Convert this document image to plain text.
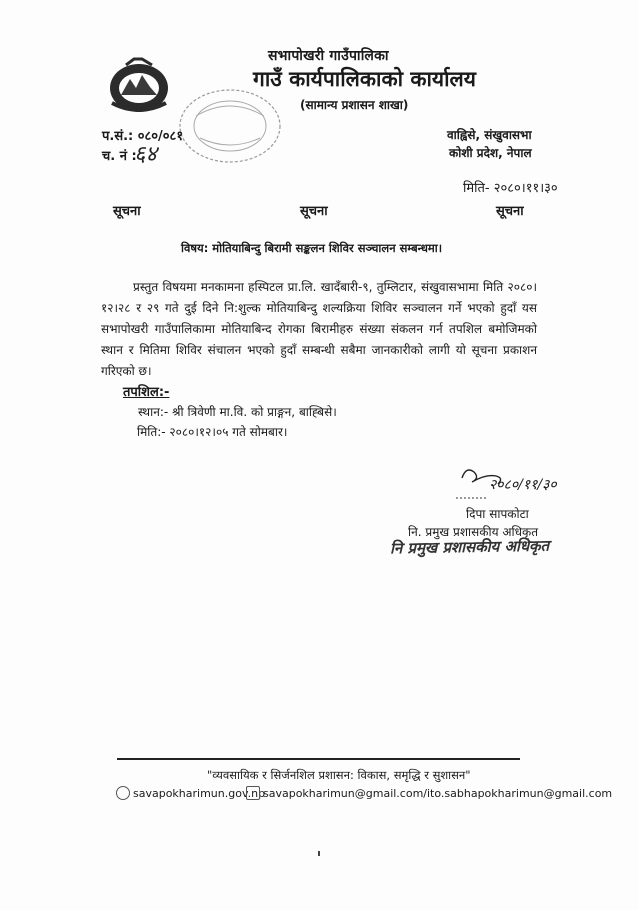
सभापोखरी गाउँपालिका
गाउँ कार्यपालिकाको कार्यालय
(सामान्य प्रशासन शाखा)
प.सं.: ०८०/०८१
च. नं :
६४
वाह्विसे, संखुवासभा
कोशी प्रदेश, नेपाल
मिति- २०८०।११।३०
सूचना	सूचना	सूचना
विषय: मोतियाबिन्दु बिरामी सङ्कलन शिविर सञ्चालन सम्बन्धमा।
प्रस्तुत विषयमा मनकामना हस्पिटल प्रा.लि. खादँबारी-९, तुम्लिटार, संखुवासभामा मिति २०८०।१२।२८ र २९ गते दुई दिने नि:शुल्क मोतियाबिन्दु शल्यक्रिया शिविर सञ्चालन गर्ने भएको हुदाँ यस सभापोखरी गाउँपालिकामा मोतियाबिन्द रोगका बिरामीहरु संख्या संकलन गर्न तपशिल बमोजिमको स्थान र मितिमा शिविर संचालन भएको हुदाँ सम्बन्धी सबैमा जानकारीको लागी यो सूचना प्रकाशन गरिएको छ।
तपशिल:-
स्थान:- श्री त्रिवेणी मा.वि. को प्राङ्गन, बाह्बिसे।
मिति:- २०८०।१२।०५ गते सोमबार।
२०८०/११/३०
दिपा सापकोटा
नि. प्रमुख प्रशासकीय अधिकृत
नि प्रमुख प्रशासकीय अधिकृत
"व्यवसायिक र सिर्जनशिल प्रशासन: विकास, समृद्धि र सुशासन"
savapokharimun.gov.np
savapokharimun@gmail.com/ito.sabhapokharimun@gmail.com
